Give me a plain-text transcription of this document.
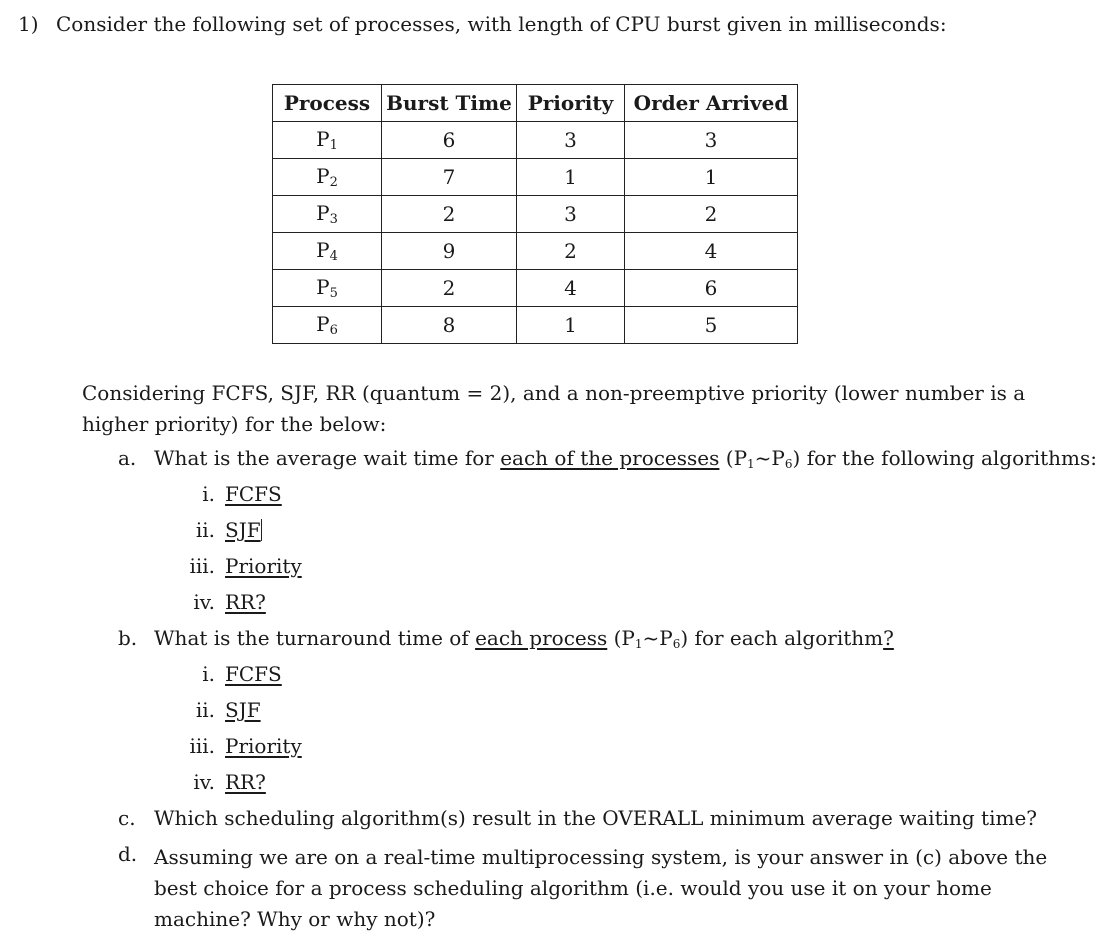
1) Consider the following set of processes, with length of CPU burst given in milliseconds:
Process	Burst Time	Priority	Order Arrived
$P_1$	6	3	3
$P_2$	7	1	1
$P_3$	2	3	2
$P_4$	9	2	4
$P_5$	2	4	6
$P_6$	8	1	5
Considering FCFS, SJF, RR (quantum = 2), and a non-preemptive priority (lower number is a higher priority) for the below:
a. What is the average wait time for each of the processes $(P_1\sim P_6)$ for the following algorithms:
i. FCFS
ii. SJF
iii. Priority
iv. RR?
b. What is the turnaround time of each process $(P_1\sim P_6)$ for each algorithm?
i. FCFS
ii. SJF
iii. Priority
iv. RR?
c. Which scheduling algorithm(s) result in the OVERALL minimum average waiting time?
d. Assuming we are on a real-time multiprocessing system, is your answer in (c) above the best choice for a process scheduling algorithm (i.e. would you use it on your home machine? Why or why not)?
